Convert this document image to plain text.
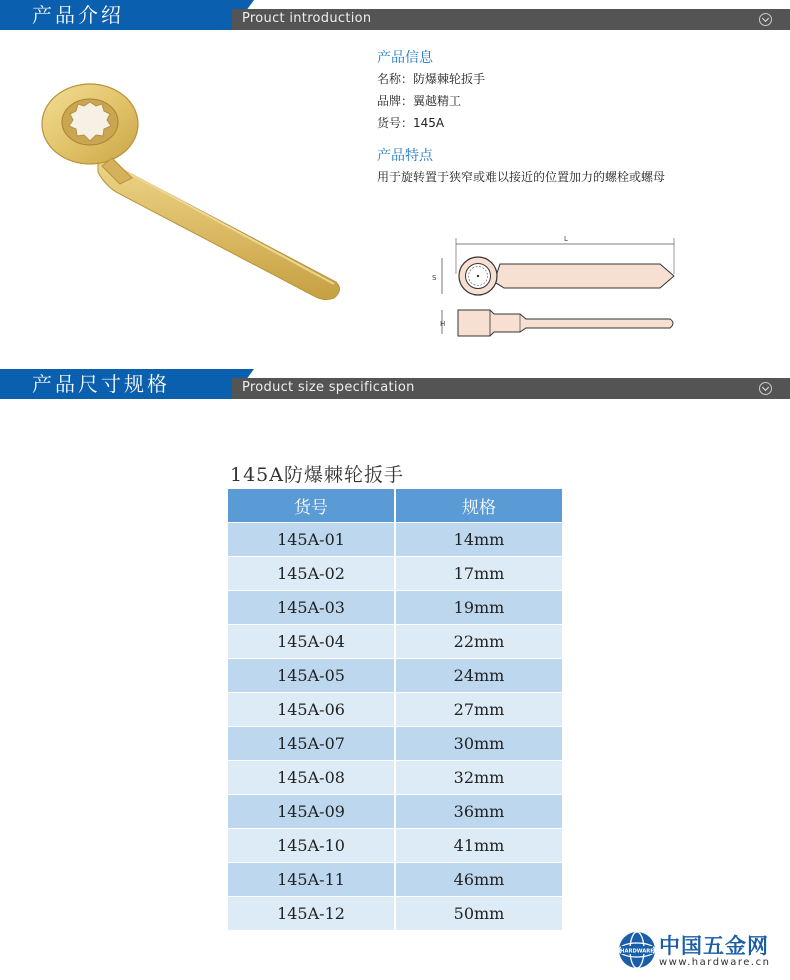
产品介绍	Prouct introduction
产品信息
名称：防爆棘轮扳手
品牌：翼越精工
货号：145A
产品特点
用于旋转置于狭窄或难以接近的位置加力的螺栓或螺母
L
S
H
产品尺寸规格	Product size specification
145A防爆棘轮扳手
货号	规格
145A-01	14mm
145A-02	17mm
145A-03	19mm
145A-04	22mm
145A-05	24mm
145A-06	27mm
145A-07	30mm
145A-08	32mm
145A-09	36mm
145A-10	41mm
145A-11	46mm
145A-12	50mm
HARDWARE 中国五金网
www.hardware.cn
